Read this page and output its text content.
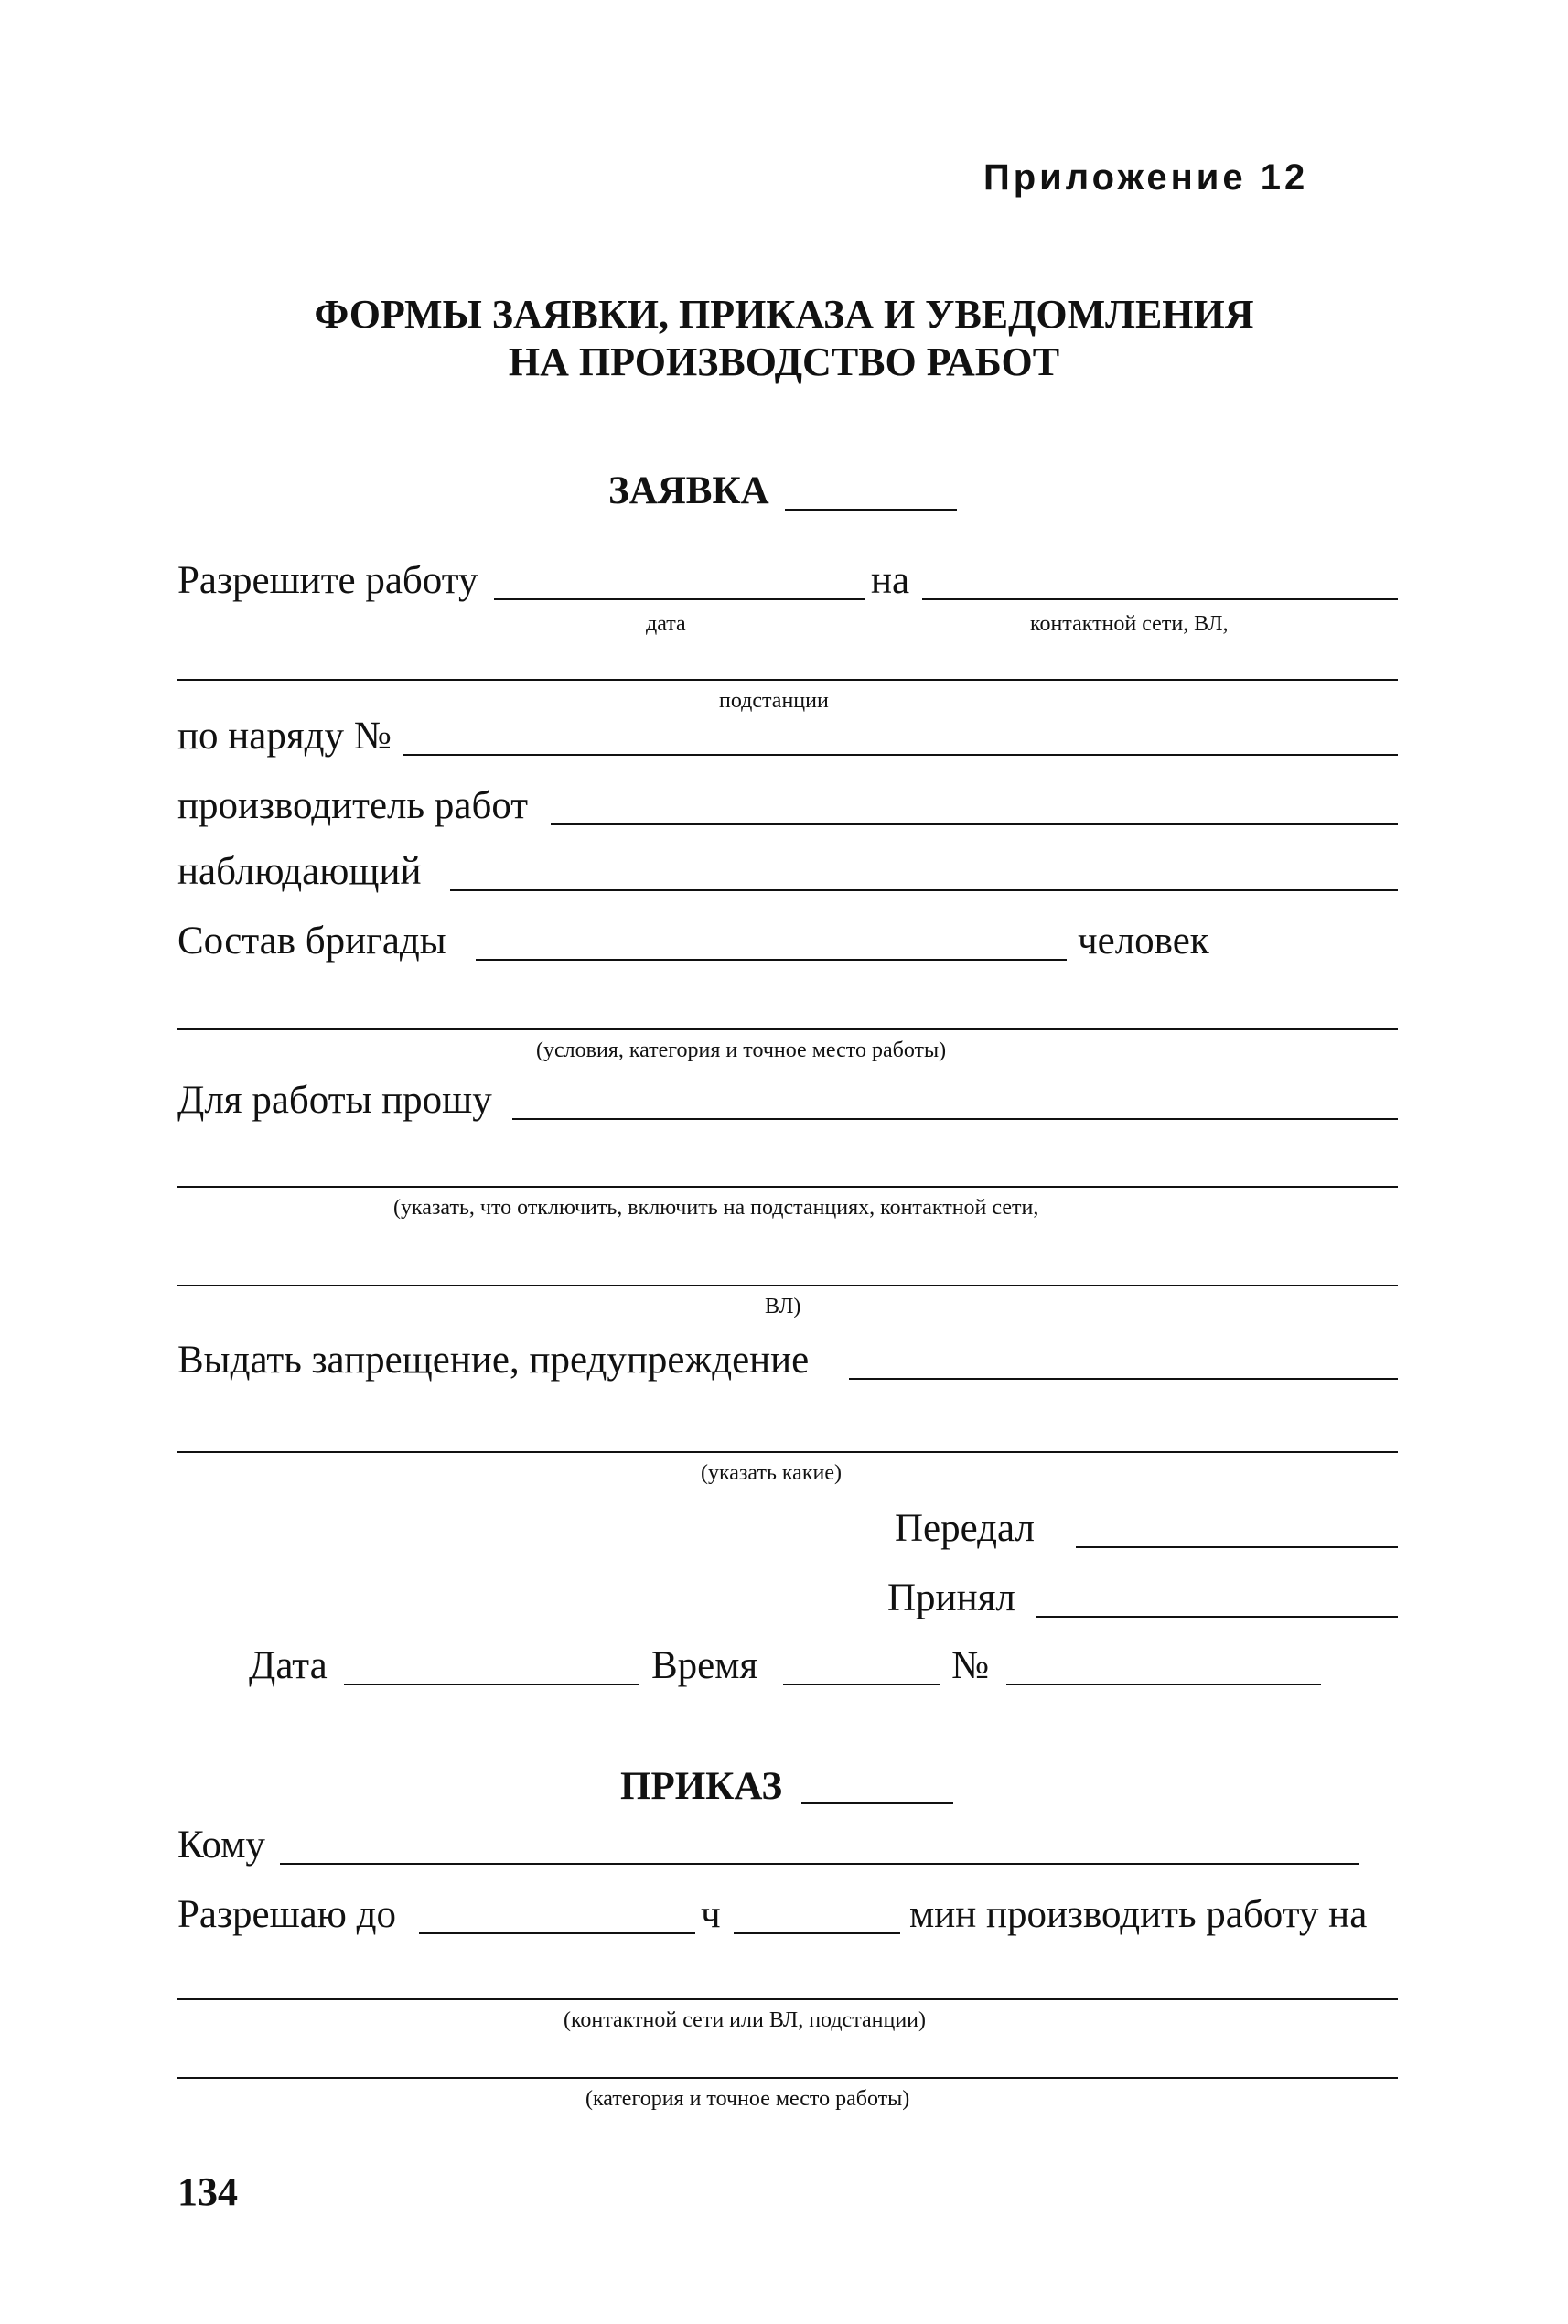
Приложение 12
ФОРМЫ ЗАЯВКИ, ПРИКАЗА И УВЕДОМЛЕНИЯ
НА ПРОИЗВОДСТВО РАБОТ
ЗАЯВКА
Разрешите работу	на
дата	контактной сети, ВЛ,
подстанции
по наряду №
производитель работ
наблюдающий
Состав бригады	человек
(условия, категория и точное место работы)
Для работы прошу
(указать, что отключить, включить на подстанциях, контактной сети,
ВЛ)
Выдать запрещение, предупреждение
(указать какие)
Передал
Принял
Дата	Время	№
ПРИКАЗ
Кому
Разрешаю до	ч	мин производить работу на
(контактной сети или ВЛ, подстанции)
(категория и точное место работы)
134
